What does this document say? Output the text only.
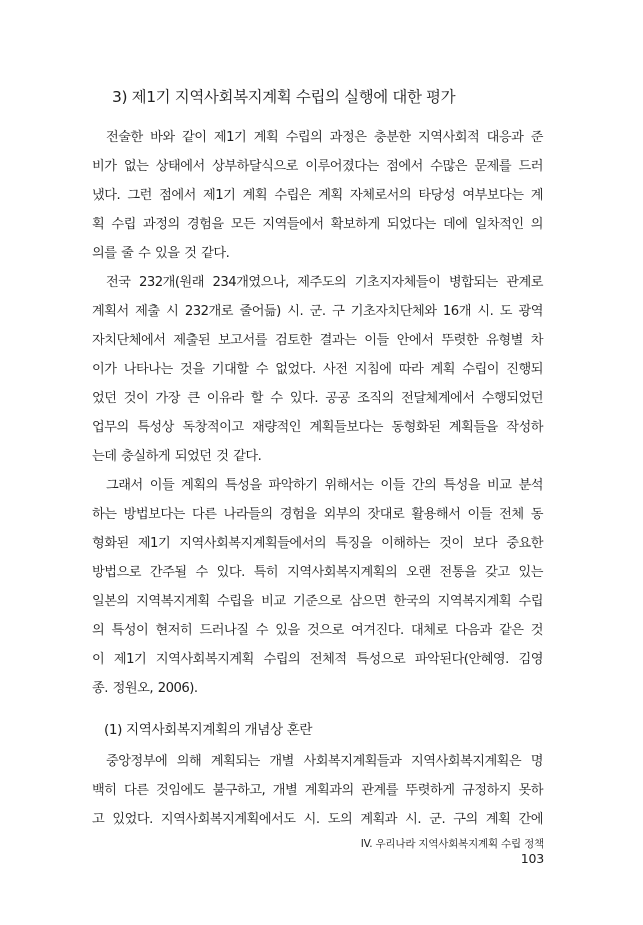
3) 제1기 지역사회복지계획 수립의 실행에 대한 평가
전술한 바와 같이 제1기 계획 수립의 과정은 충분한 지역사회적 대응과 준
비가 없는 상태에서 상부하달식으로 이루어졌다는 점에서 수많은 문제를 드러
냈다. 그런 점에서 제1기 계획 수립은 계획 자체로서의 타당성 여부보다는 계
획 수립 과정의 경험을 모든 지역들에서 확보하게 되었다는 데에 일차적인 의
의를 줄 수 있을 것 같다.
전국 232개(원래 234개였으나, 제주도의 기초지자체들이 병합되는 관계로
계획서 제출 시 232개로 줄어듦) 시. 군. 구 기초자치단체와 16개 시. 도 광역
자치단체에서 제출된 보고서를 검토한 결과는 이들 안에서 뚜렷한 유형별 차
이가 나타나는 것을 기대할 수 없었다. 사전 지침에 따라 계획 수립이 진행되
었던 것이 가장 큰 이유라 할 수 있다. 공공 조직의 전달체계에서 수행되었던
업무의 특성상 독창적이고 재량적인 계획들보다는 동형화된 계획들을 작성하
는데 충실하게 되었던 것 같다.
그래서 이들 계획의 특성을 파악하기 위해서는 이들 간의 특성을 비교 분석
하는 방법보다는 다른 나라들의 경험을 외부의 잣대로 활용해서 이들 전체 동
형화된 제1기 지역사회복지계획들에서의 특징을 이해하는 것이 보다 중요한
방법으로 간주될 수 있다. 특히 지역사회복지계획의 오랜 전통을 갖고 있는
일본의 지역복지계획 수립을 비교 기준으로 삼으면 한국의 지역복지계획 수립
의 특성이 현저히 드러나질 수 있을 것으로 여겨진다. 대체로 다음과 같은 것
이 제1기 지역사회복지계획 수립의 전체적 특성으로 파악된다(안혜영. 김영
종. 정원오, 2006).
(1) 지역사회복지계획의 개념상 혼란
중앙정부에 의해 계획되는 개별 사회복지계획들과 지역사회복지계획은 명
백히 다른 것임에도 불구하고, 개별 계획과의 관계를 뚜렷하게 규정하지 못하
고 있었다. 지역사회복지계획에서도 시. 도의 계획과 시. 군. 구의 계획 간에
IV. 우리나라 지역사회복지계획 수립 정책103
